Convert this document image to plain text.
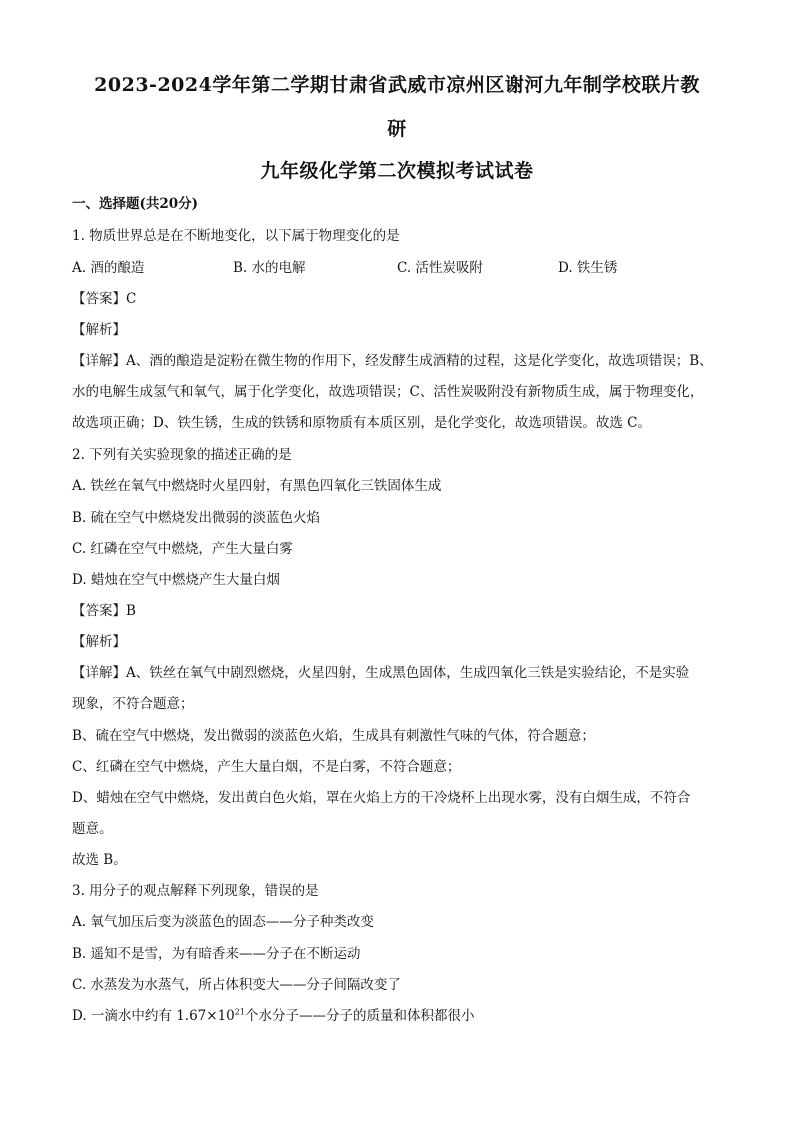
2023-2024学年第二学期甘肃省武威市凉州区谢河九年制学校联片教
研
九年级化学第二次模拟考试试卷
一、选择题(共20分)
1. 物质世界总是在不断地变化，以下属于物理变化的是
A. 酒的酿造	B. 水的电解	C. 活性炭吸附	D. 铁生锈
【答案】C
【解析】
【详解】A、酒的酿造是淀粉在微生物的作用下，经发酵生成酒精的过程，这是化学变化，故选项错误；B、
水的电解生成氢气和氧气，属于化学变化，故选项错误；C、活性炭吸附没有新物质生成，属于物理变化，
故选项正确；D、铁生锈，生成的铁锈和原物质有本质区别，是化学变化，故选项错误。故选 C。
2. 下列有关实验现象的描述正确的是
A. 铁丝在氧气中燃烧时火星四射，有黑色四氧化三铁固体生成
B. 硫在空气中燃烧发出微弱的淡蓝色火焰
C. 红磷在空气中燃烧，产生大量白雾
D. 蜡烛在空气中燃烧产生大量白烟
【答案】B
【解析】
【详解】A、铁丝在氧气中剧烈燃烧，火星四射，生成黑色固体，生成四氧化三铁是实验结论，不是实验
现象，不符合题意；
B、硫在空气中燃烧，发出微弱的淡蓝色火焰，生成具有刺激性气味的气体，符合题意；
C、红磷在空气中燃烧，产生大量白烟，不是白雾，不符合题意；
D、蜡烛在空气中燃烧，发出黄白色火焰，罩在火焰上方的干冷烧杯上出现水雾，没有白烟生成，不符合
题意。
故选 B。
3. 用分子的观点解释下列现象，错误的是
A. 氧气加压后变为淡蓝色的固态——分子种类改变
B. 遥知不是雪，为有暗香来——分子在不断运动
C. 水蒸发为水蒸气，所占体积变大——分子间隔改变了
D. 一滴水中约有 $1.67\times 10^{21}$个水分子——分子的质量和体积都很小
